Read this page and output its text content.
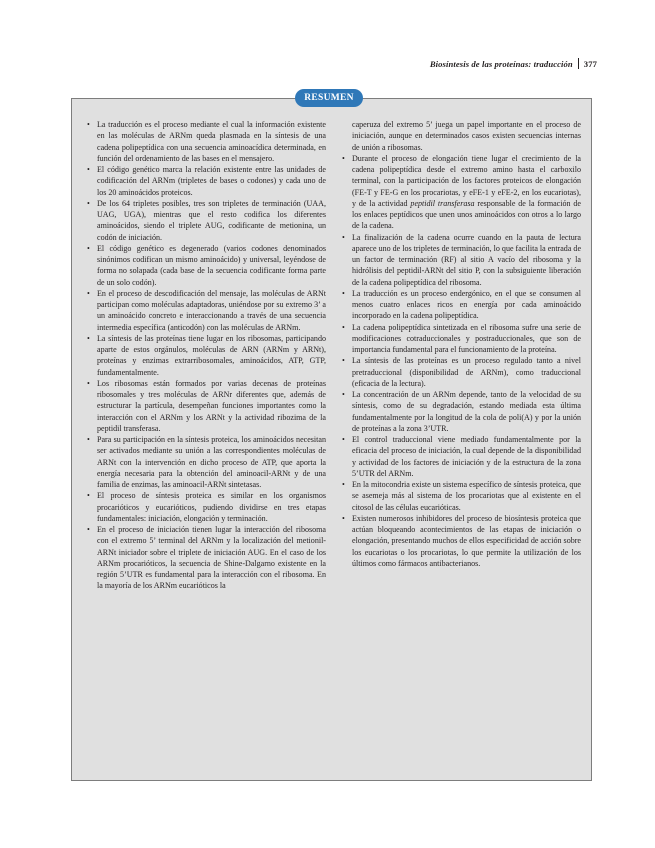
Biosíntesis de las proteínas: traducción 377
RESUMEN
• La traducción es el proceso mediante el cual la información existente en las moléculas de ARNm queda plasmada en la síntesis de una cadena polipeptídica con una secuencia aminoacídica determinada, en función del ordenamiento de las bases en el mensajero.
• El código genético marca la relación existente entre las unidades de codificación del ARNm (tripletes de bases o codones) y cada uno de los 20 aminoácidos proteicos.
• De los 64 tripletes posibles, tres son tripletes de terminación (UAA, UAG, UGA), mientras que el resto codifica los diferentes aminoácidos, siendo el triplete AUG, codificante de metionina, un codón de iniciación.
• El código genético es degenerado (varios codones denominados sinónimos codifican un mismo aminoácido) y universal, leyéndose de forma no solapada (cada base de la secuencia codificante forma parte de un solo codón).
• En el proceso de descodificación del mensaje, las moléculas de ARNt participan como moléculas adaptadoras, uniéndose por su extremo 3’ a un aminoácido concreto e interaccionando a través de una secuencia intermedia específica (anticodón) con las moléculas de ARNm.
• La síntesis de las proteínas tiene lugar en los ribosomas, participando aparte de estos orgánulos, moléculas de ARN (ARNm y ARNt), proteínas y enzimas extrarribosomales, aminoácidos, ATP, GTP, fundamentalmente.
• Los ribosomas están formados por varias decenas de proteínas ribosomales y tres moléculas de ARNr diferentes que, además de estructurar la partícula, desempeñan funciones importantes como la interacción con el ARNm y los ARNt y la actividad ribozima de la peptidil transferasa.
• Para su participación en la síntesis proteica, los aminoácidos necesitan ser activados mediante su unión a las correspondientes moléculas de ARNt con la intervención en dicho proceso de ATP, que aporta la energía necesaria para la obtención del aminoacil-ARNt y de una familia de enzimas, las aminoacil-ARNt sintetasas.
• El proceso de síntesis proteica es similar en los organismos procarióticos y eucarióticos, pudiendo dividirse en tres etapas fundamentales: iniciación, elongación y terminación.
• En el proceso de iniciación tienen lugar la interacción del ribosoma con el extremo 5’ terminal del ARNm y la localización del metionil-ARNt iniciador sobre el triplete de iniciación AUG. En el caso de los ARNm procarióticos, la secuencia de Shine-Dalgarno existente en la región 5’UTR es fundamental para la interacción con el ribosoma. En la mayoría de los ARNm eucarióticos la
caperuza del extremo 5’ juega un papel importante en el proceso de iniciación, aunque en determinados casos existen secuencias internas de unión a ribosomas.
• Durante el proceso de elongación tiene lugar el crecimiento de la cadena polipeptídica desde el extremo amino hasta el carboxilo terminal, con la participación de los factores proteicos de elongación (FE-T y FE-G en los procariotas, y eFE-1 y eFE-2, en los eucariotas), y de la actividad peptidil transferasa responsable de la formación de los enlaces peptídicos que unen unos aminoácidos con otros a lo largo de la cadena.
• La finalización de la cadena ocurre cuando en la pauta de lectura aparece uno de los tripletes de terminación, lo que facilita la entrada de un factor de terminación (RF) al sitio A vacío del ribosoma y la hidrólisis del peptidil-ARNt del sitio P, con la subsiguiente liberación de la cadena polipeptídica del ribosoma.
• La traducción es un proceso endergónico, en el que se consumen al menos cuatro enlaces ricos en energía por cada aminoácido incorporado en la cadena polipeptídica.
• La cadena polipeptídica sintetizada en el ribosoma sufre una serie de modificaciones cotraduccionales y postraduccionales, que son de importancia fundamental para el funcionamiento de la proteína.
• La síntesis de las proteínas es un proceso regulado tanto a nivel pretraduccional (disponibilidad de ARNm), como traduccional (eficacia de la lectura).
• La concentración de un ARNm depende, tanto de la velocidad de su síntesis, como de su degradación, estando mediada esta última fundamentalmente por la longitud de la cola de poli(A) y por la unión de proteínas a la zona 3’UTR.
• El control traduccional viene mediado fundamentalmente por la eficacia del proceso de iniciación, la cual depende de la disponibilidad y actividad de los factores de iniciación y de la estructura de la zona 5’UTR del ARNm.
• En la mitocondria existe un sistema específico de síntesis proteica, que se asemeja más al sistema de los procariotas que al existente en el citosol de las células eucarióticas.
• Existen numerosos inhibidores del proceso de biosíntesis proteica que actúan bloqueando acontecimientos de las etapas de iniciación o elongación, presentando muchos de ellos especificidad de acción sobre los eucariotas o los procariotas, lo que permite la utilización de los últimos como fármacos antibacterianos.
